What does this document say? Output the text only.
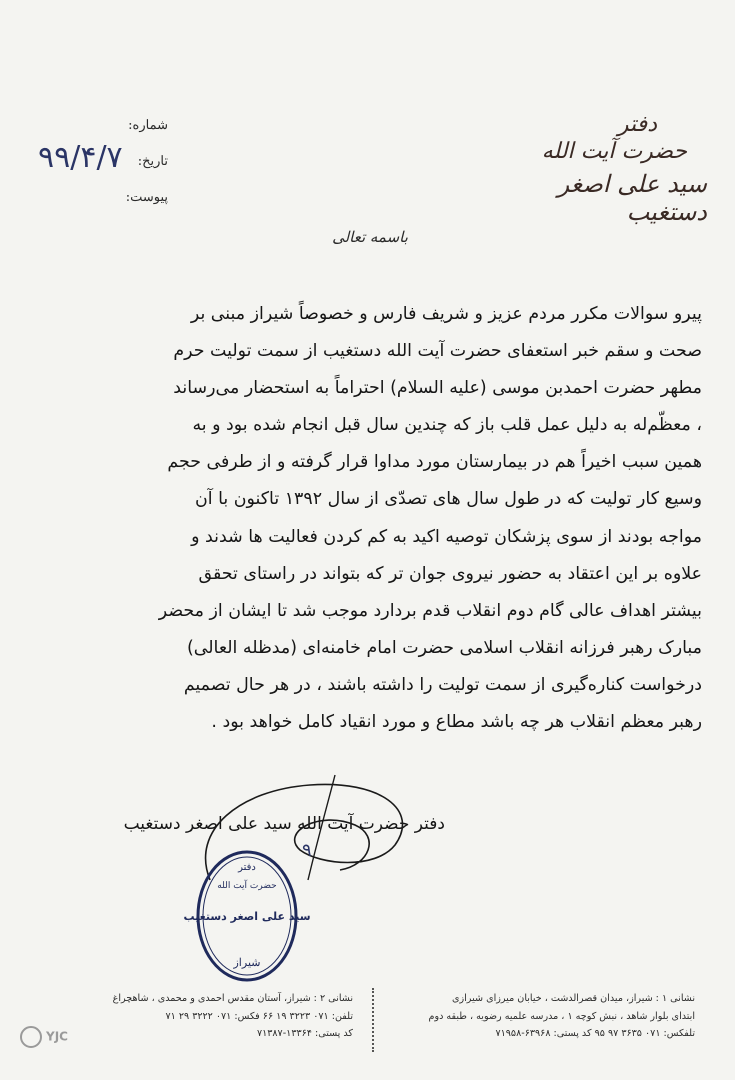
دفتر
حضرت آیت الله
سید علی اصغر دستغیب
شماره:
تاریخ:
پیوست:
۹۹/۴/۷
باسمه تعالی
پیرو سوالات مکرر مردم عزیز و شریف فارس و خصوصاً شیراز مبنی بر
صحت و سقم خبر استعفای حضرت آیت الله دستغیب از سمت تولیت حرم
مطهر حضرت احمدبن موسی (علیه السلام) احتراماً به استحضار می‌رساند
، معظّم‌له به دلیل عمل قلب باز که چندین سال قبل انجام شده بود و به
همین سبب اخیراً هم در بیمارستان مورد مداوا قرار گرفته و از طرفی حجم
وسیع کار تولیت که در طول سال های تصدّی از سال ۱۳۹۲ تاکنون با آن
مواجه بودند از سوی پزشکان توصیه اکید به کم کردن فعالیت ها شدند و
علاوه بر این اعتقاد به حضور نیروی جوان تر که بتواند در راستای تحقق
بیشتر اهداف عالی گام دوم انقلاب قدم بردارد موجب شد تا ایشان از محضر
مبارک رهبر فرزانه انقلاب اسلامی حضرت امام خامنه‌ای (مدظله العالی)
درخواست کناره‌گیری از سمت تولیت را داشته باشند ، در هر حال تصمیم
رهبر معظم انقلاب هر چه باشد مطاع و مورد انقیاد کامل خواهد بود .
دفتر حضرت آیت الله سید علی اصغر دستغیب
۹
دفتر
حضرت آیت الله
سید علی اصغر دستغیب
شیراز
نشانی ۱ : شیراز، میدان قصرالدشت ، خیابان میرزای شیرازی
ابتدای بلوار شاهد ، نبش کوچه ۱ ، مدرسه علمیه رضویه ، طبقه دوم
تلفکس: ۰۷۱ ۳۶۳۵ ۹۷ ۹۵ کد پستی: ۶۳۹۶۸-۷۱۹۵۸
نشانی ۲ : شیراز، آستان مقدس احمدی و محمدی ، شاهچراغ
تلفن: ۰۷۱ ۳۲۲۳ ۱۹ ۶۶ فکس: ۰۷۱ ۳۲۲۲ ۲۹ ۷۱
کد پستی: ۱۳۳۶۴-۷۱۳۸۷
YJC
